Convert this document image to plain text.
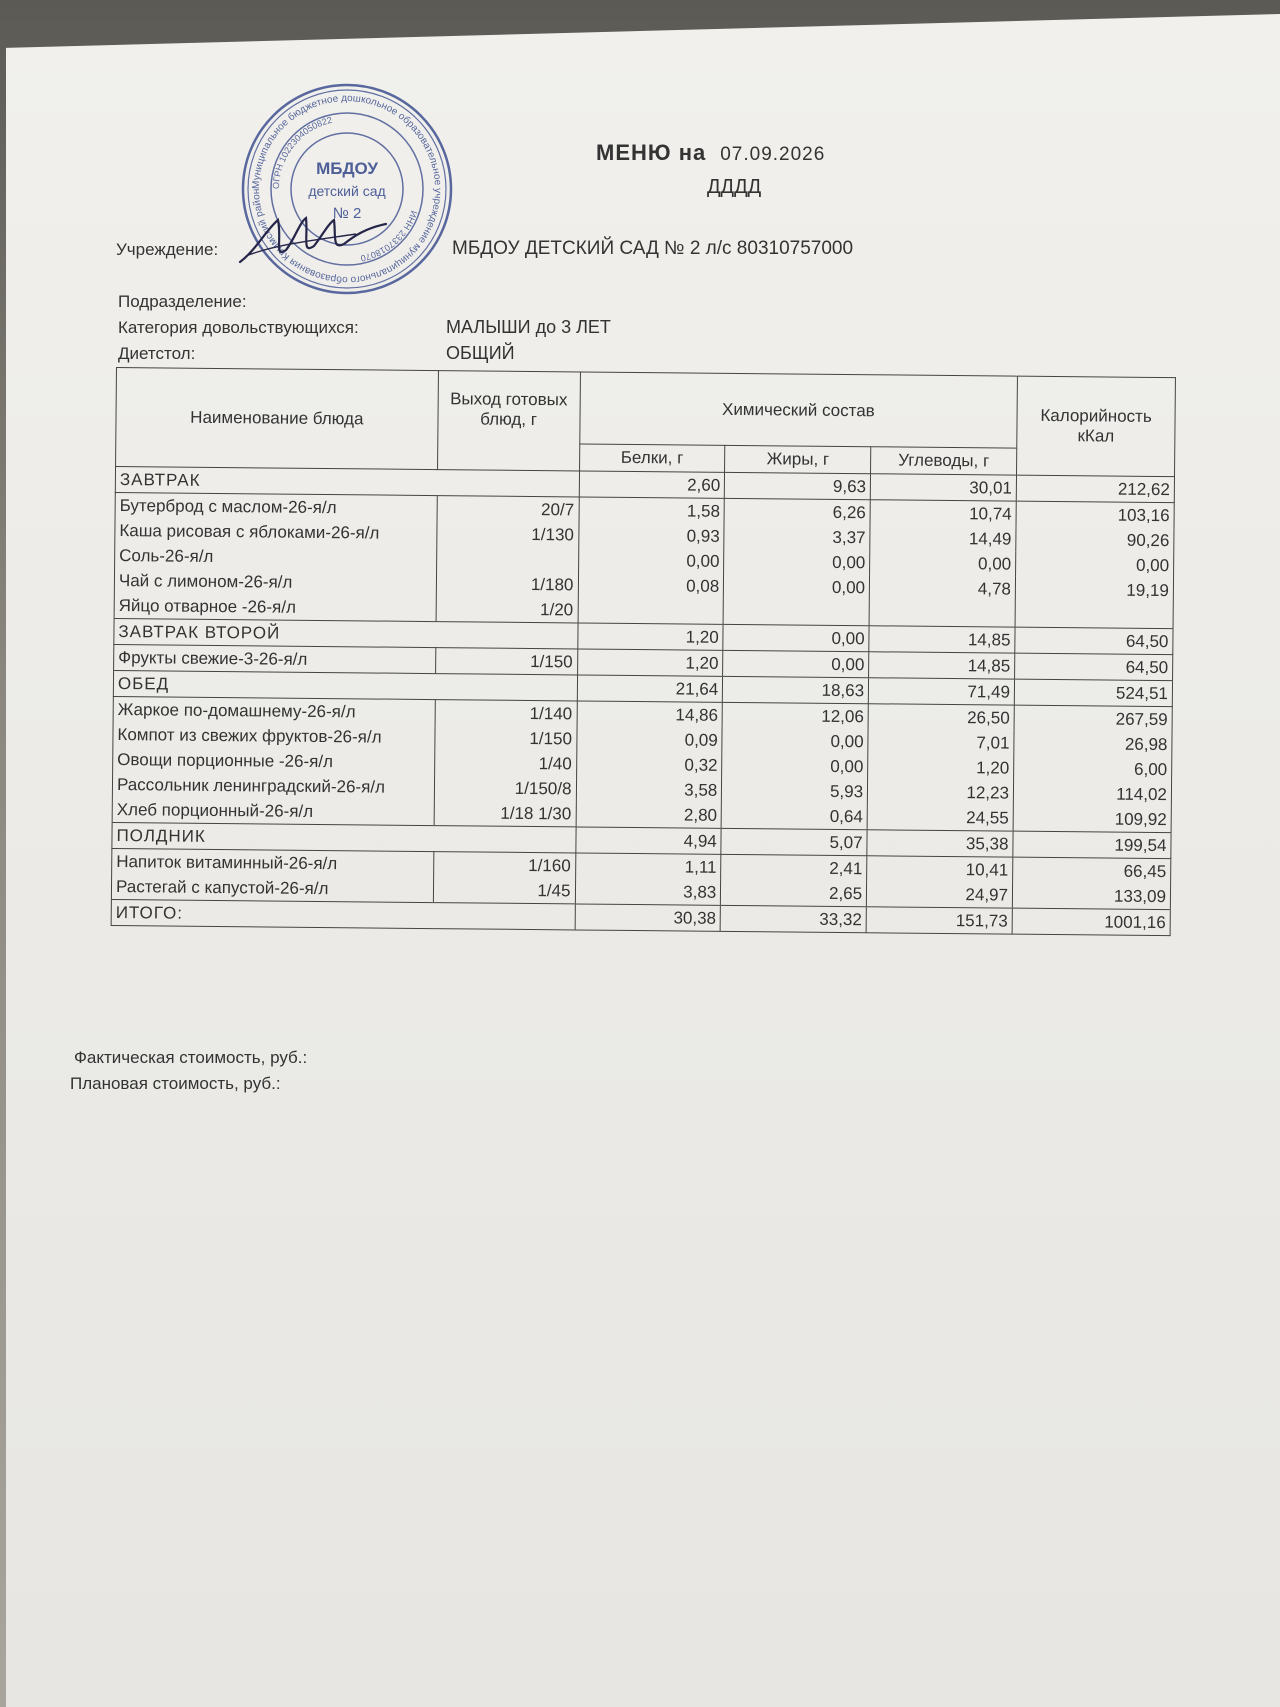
Муниципальное бюджетное дошкольное образовательное учреждение муниципального образования Крымский район
ОГРН 1022304050822
ИНН 2337018070
МБДОУ
детский сад
№ 2
МЕНЮ на 07.09.2026
ДДДД
Учреждение:	МБДОУ ДЕТСКИЙ САД № 2 л/с 80310757000
Подразделение:
Категория довольствующихся:	МАЛЫШИ до 3 ЛЕТ
Диетстол:	ОБЩИЙ
Наименование блюда	Выход готовых блюд, г	Химический состав			Калорийность кКал
		Белки, г	Жиры, г	Углеводы, г	
ЗАВТРАК		2,60	9,63	30,01	212,62
Бутерброд с маслом-26-я/л	20/7	1,58	6,26	10,74	103,16
Каша рисовая с яблоками-26-я/л	1/130	0,93	3,37	14,49	90,26
Соль-26-я/л		0,00	0,00	0,00	0,00
Чай с лимоном-26-я/л	1/180	0,08	0,00	4,78	19,19
Яйцо отварное -26-я/л	1/20				
ЗАВТРАК ВТОРОЙ		1,20	0,00	14,85	64,50
Фрукты свежие-3-26-я/л	1/150	1,20	0,00	14,85	64,50
ОБЕД		21,64	18,63	71,49	524,51
Жаркое по-домашнему-26-я/л	1/140	14,86	12,06	26,50	267,59
Компот из свежих фруктов-26-я/л	1/150	0,09	0,00	7,01	26,98
Овощи порционные -26-я/л	1/40	0,32	0,00	1,20	6,00
Рассольник ленинградский-26-я/л	1/150/8	3,58	5,93	12,23	114,02
Хлеб порционный-26-я/л	1/18 1/30	2,80	0,64	24,55	109,92
ПОЛДНИК		4,94	5,07	35,38	199,54
Напиток витаминный-26-я/л	1/160	1,11	2,41	10,41	66,45
Растегай с капустой-26-я/л	1/45	3,83	2,65	24,97	133,09
ИТОГО:		30,38	33,32	151,73	1001,16
Фактическая стоимость, руб.:
Плановая стоимость, руб.:
